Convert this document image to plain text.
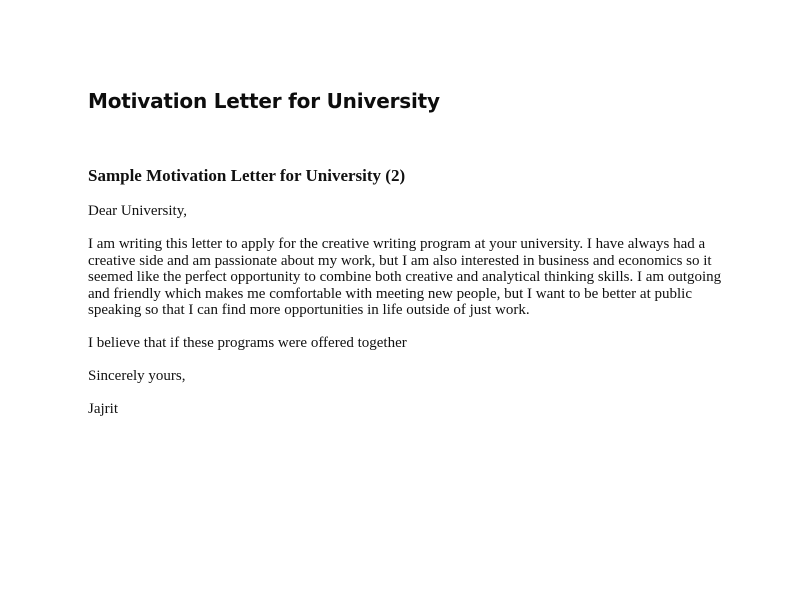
Motivation Letter for University
Sample Motivation Letter for University (2)

Dear University,

I am writing this letter to apply for the creative writing program at your university. I have always had a creative side and am passionate about my work, but I am also interested in business and economics so it seemed like the perfect opportunity to combine both creative and analytical thinking skills. I am outgoing and friendly which makes me comfortable with meeting new people, but I want to be better at public speaking so that I can find more opportunities in life outside of just work.

I believe that if these programs were offered together

Sincerely yours,

Jajrit
